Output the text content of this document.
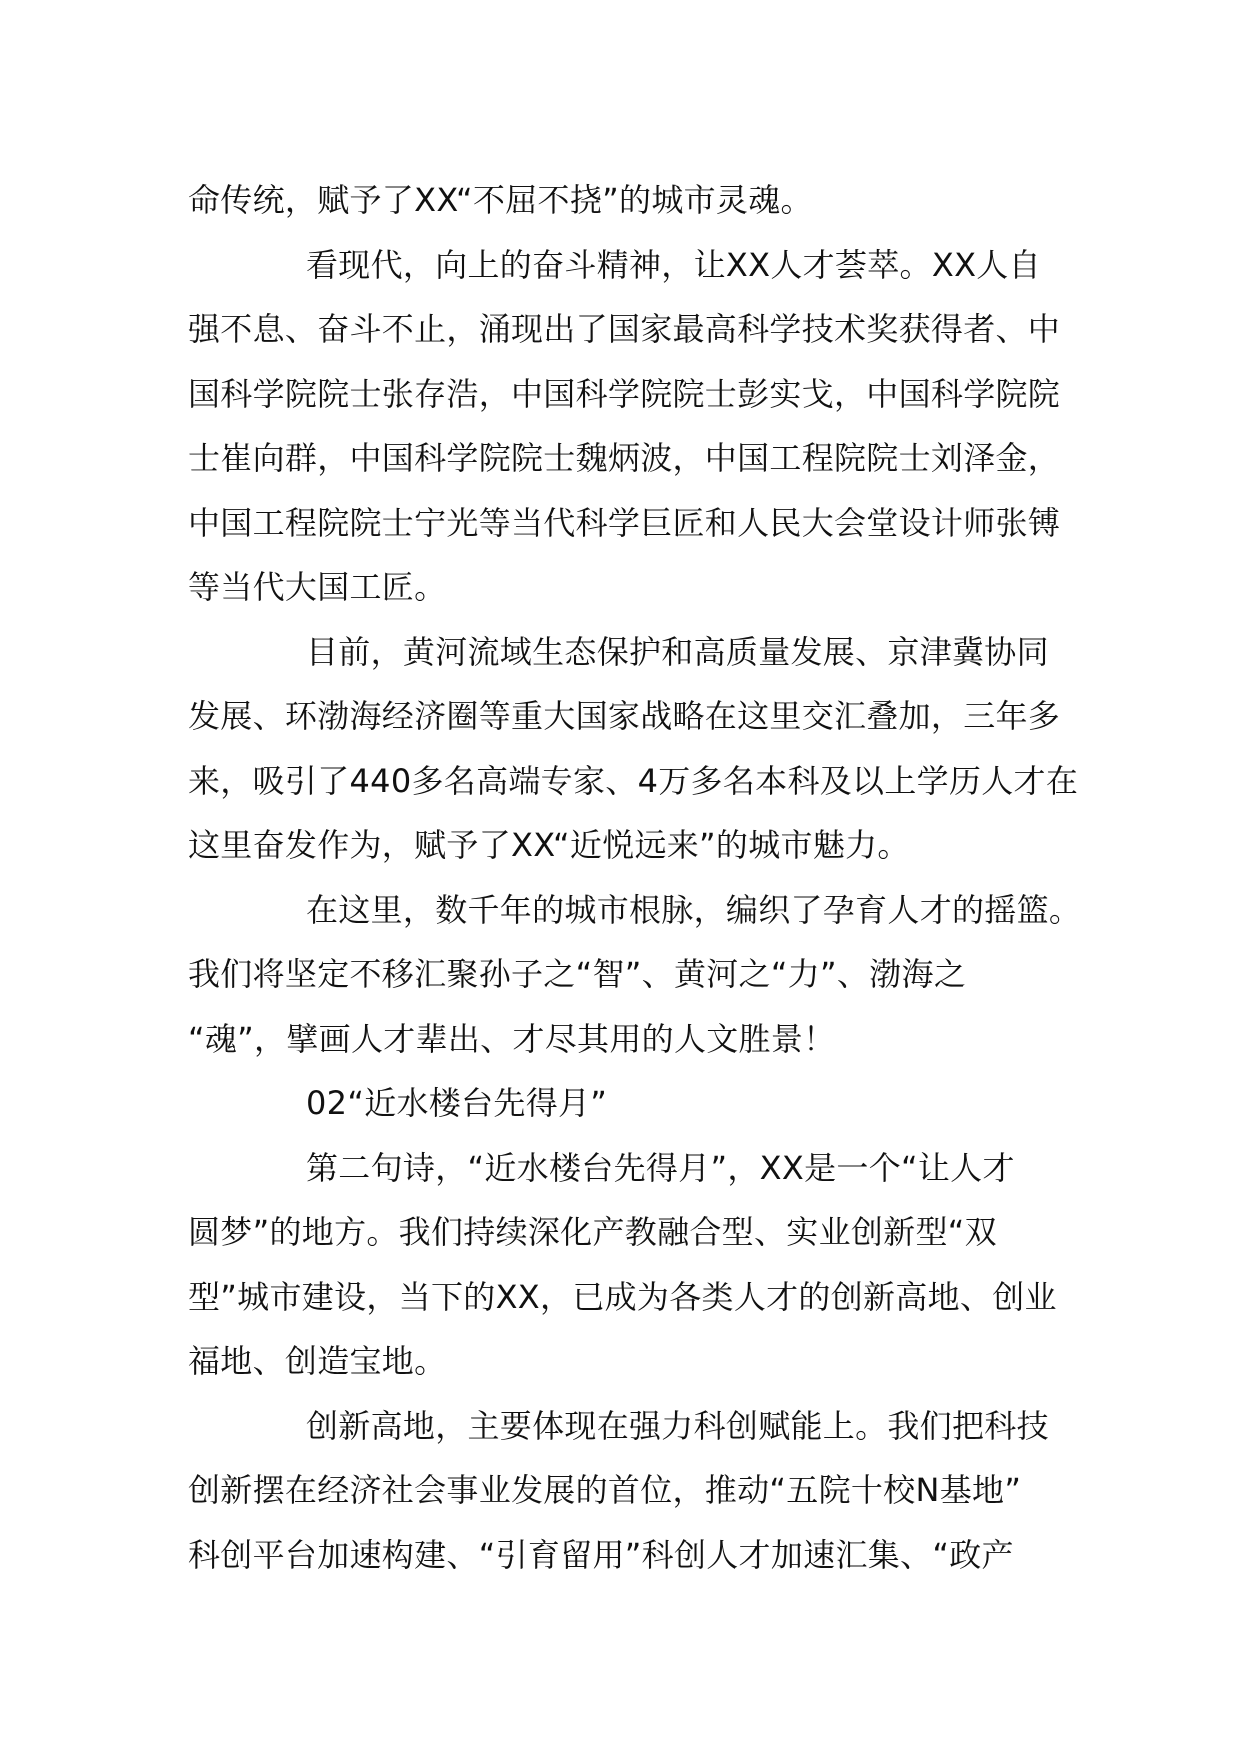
命传统，赋予了XX“不屈不挠”的城市灵魂。
看现代，向上的奋斗精神，让XX人才荟萃。XX人自
强不息、奋斗不止，涌现出了国家最高科学技术奖获得者、中
国科学院院士张存浩，中国科学院院士彭实戈，中国科学院院
士崔向群，中国科学院院士魏炳波，中国工程院院士刘泽金，
中国工程院院士宁光等当代科学巨匠和人民大会堂设计师张镈
等当代大国工匠。
目前，黄河流域生态保护和高质量发展、京津冀协同
发展、环渤海经济圈等重大国家战略在这里交汇叠加，三年多
来，吸引了440多名高端专家、4万多名本科及以上学历人才在
这里奋发作为，赋予了XX“近悦远来”的城市魅力。
在这里，数千年的城市根脉，编织了孕育人才的摇篮。
我们将坚定不移汇聚孙子之“智”、黄河之“力”、渤海之
“魂”，擘画人才辈出、才尽其用的人文胜景！
02“近水楼台先得月”
第二句诗，“近水楼台先得月”，XX是一个“让人才
圆梦”的地方。我们持续深化产教融合型、实业创新型“双
型”城市建设，当下的XX，已成为各类人才的创新高地、创业
福地、创造宝地。
创新高地，主要体现在强力科创赋能上。我们把科技
创新摆在经济社会事业发展的首位，推动“五院十校N基地”
科创平台加速构建、“引育留用”科创人才加速汇集、“政产
